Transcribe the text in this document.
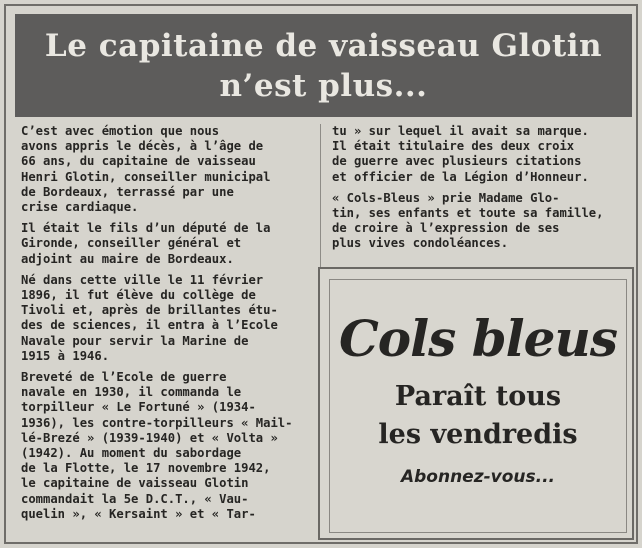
Le capitaine de vaisseau Glotin
n’est plus...
C’est avec émotion que nous
avons appris le décès, à l’âge de
66 ans, du capitaine de vaisseau
Henri Glotin, conseiller municipal
de Bordeaux, terrassé par une
crise cardiaque.
Il était le fils d’un député de la
Gironde, conseiller général et
adjoint au maire de Bordeaux.
Né dans cette ville le 11 février
1896, il fut élève du collège de
Tivoli et, après de brillantes étu-
des de sciences, il entra à l’Ecole
Navale pour servir la Marine de
1915 à 1946.
Breveté de l’Ecole de guerre
navale en 1930, il commanda le
torpilleur « Le Fortuné » (1934-
1936), les contre-torpilleurs « Mail-
lé-Brezé » (1939-1940) et « Volta »
(1942). Au moment du sabordage
de la Flotte, le 17 novembre 1942,
le capitaine de vaisseau Glotin
commandait la 5e D.C.T., « Vau-
quelin », « Kersaint » et « Tar-
tu » sur lequel il avait sa marque.
Il était titulaire des deux croix
de guerre avec plusieurs citations
et officier de la Légion d’Honneur.
« Cols-Bleus » prie Madame Glo-
tin, ses enfants et toute sa famille,
de croire à l’expression de ses
plus vives condoléances.
Cols bleus
Paraît tous
les vendredis
Abonnez-vous...
